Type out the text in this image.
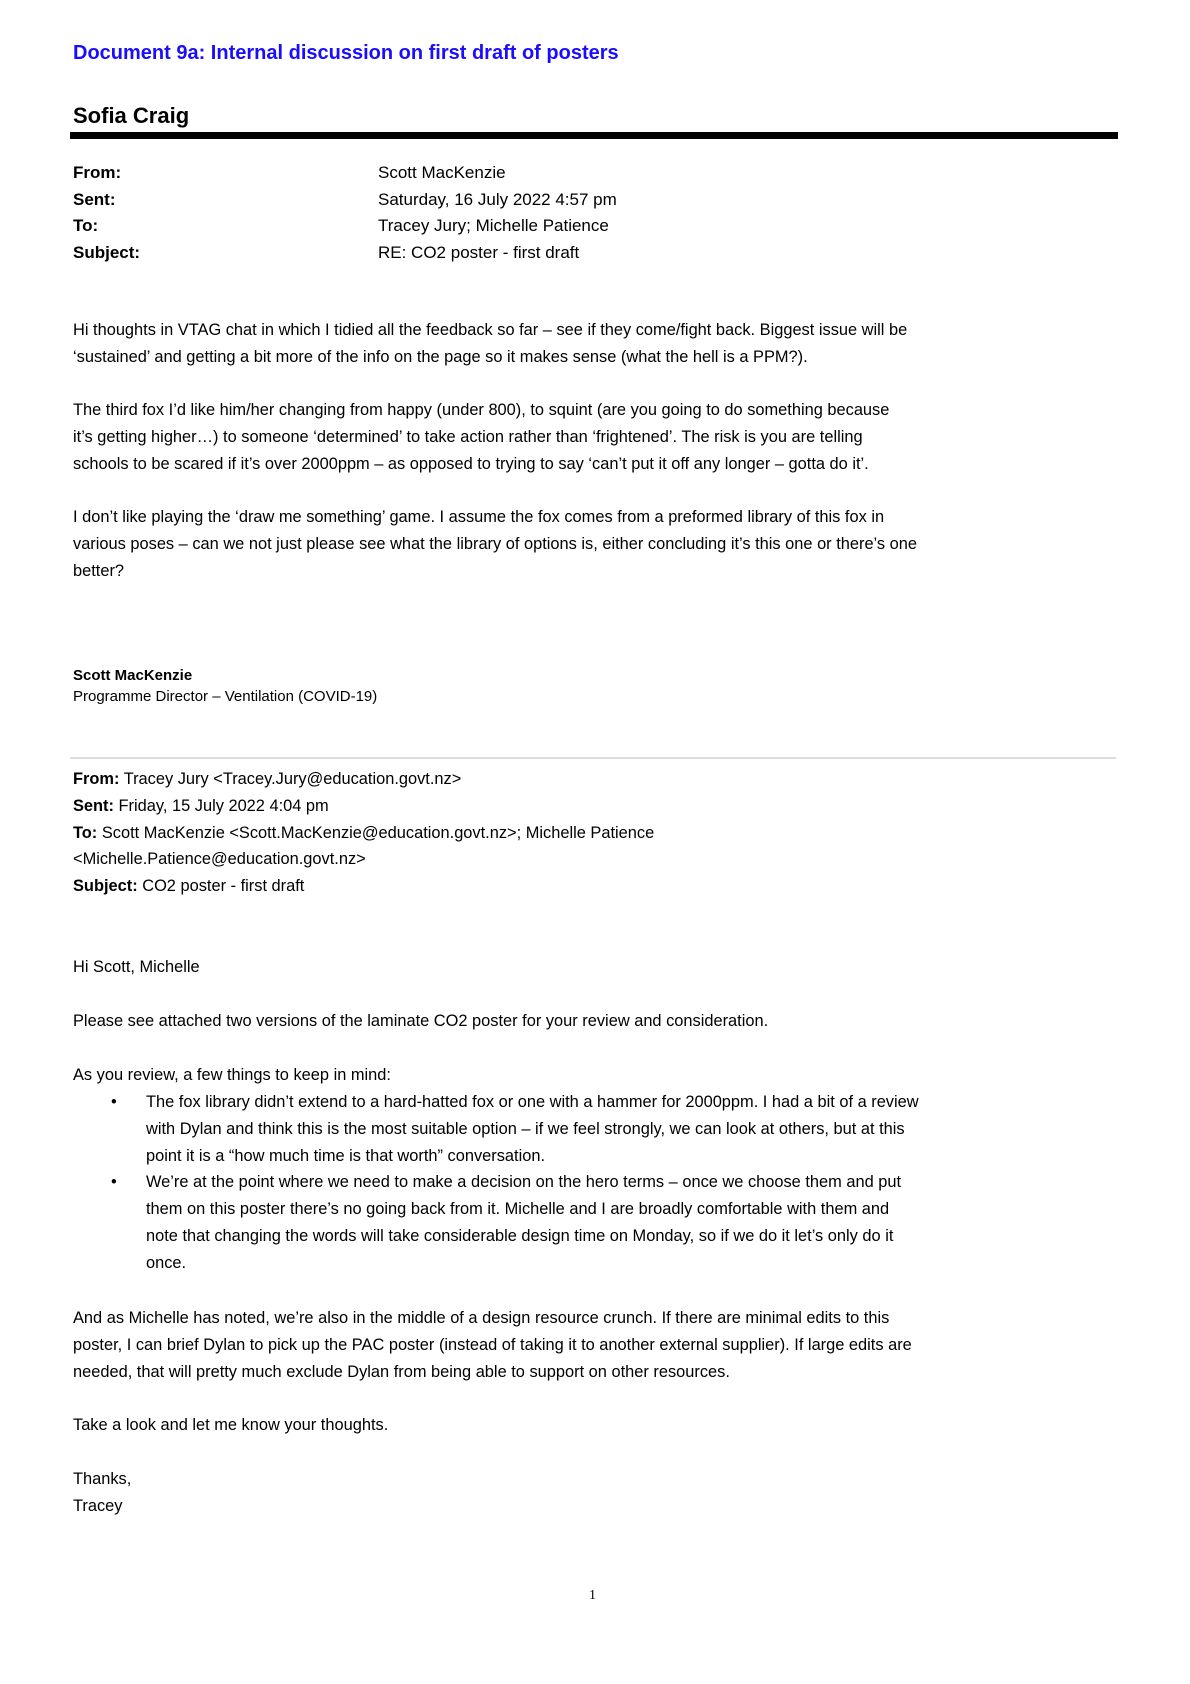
Document 9a: Internal discussion on first draft of posters
Sofia Craig
From:
Sent:
To:
Subject:
Scott MacKenzie
Saturday, 16 July 2022 4:57 pm
Tracey Jury; Michelle Patience
RE: CO2 poster - first draft
Hi thoughts in VTAG chat in which I tidied all the feedback so far – see if they come/fight back. Biggest issue will be
‘sustained’ and getting a bit more of the info on the page so it makes sense (what the hell is a PPM?).
The third fox I’d like him/her changing from happy (under 800), to squint (are you going to do something because
it’s getting higher…) to someone ‘determined’ to take action rather than ‘frightened’. The risk is you are telling
schools to be scared if it’s over 2000ppm – as opposed to trying to say ‘can’t put it off any longer – gotta do it’.
I don’t like playing the ‘draw me something’ game. I assume the fox comes from a preformed library of this fox in
various poses – can we not just please see what the library of options is, either concluding it’s this one or there’s one
better?
Scott MacKenzie
Programme Director – Ventilation (COVID-19)
From: Tracey Jury <Tracey.Jury@education.govt.nz>
Sent: Friday, 15 July 2022 4:04 pm
To: Scott MacKenzie <Scott.MacKenzie@education.govt.nz>; Michelle Patience
<Michelle.Patience@education.govt.nz>
Subject: CO2 poster - first draft
Hi Scott, Michelle
Please see attached two versions of the laminate CO2 poster for your review and consideration.
As you review, a few things to keep in mind:
• The fox library didn’t extend to a hard-hatted fox or one with a hammer for 2000ppm. I had a bit of a review
with Dylan and think this is the most suitable option – if we feel strongly, we can look at others, but at this
point it is a “how much time is that worth” conversation.
• We’re at the point where we need to make a decision on the hero terms – once we choose them and put
them on this poster there’s no going back from it. Michelle and I are broadly comfortable with them and
note that changing the words will take considerable design time on Monday, so if we do it let’s only do it
once.
And as Michelle has noted, we’re also in the middle of a design resource crunch. If there are minimal edits to this
poster, I can brief Dylan to pick up the PAC poster (instead of taking it to another external supplier). If large edits are
needed, that will pretty much exclude Dylan from being able to support on other resources.
Take a look and let me know your thoughts.
Thanks,
Tracey
1
